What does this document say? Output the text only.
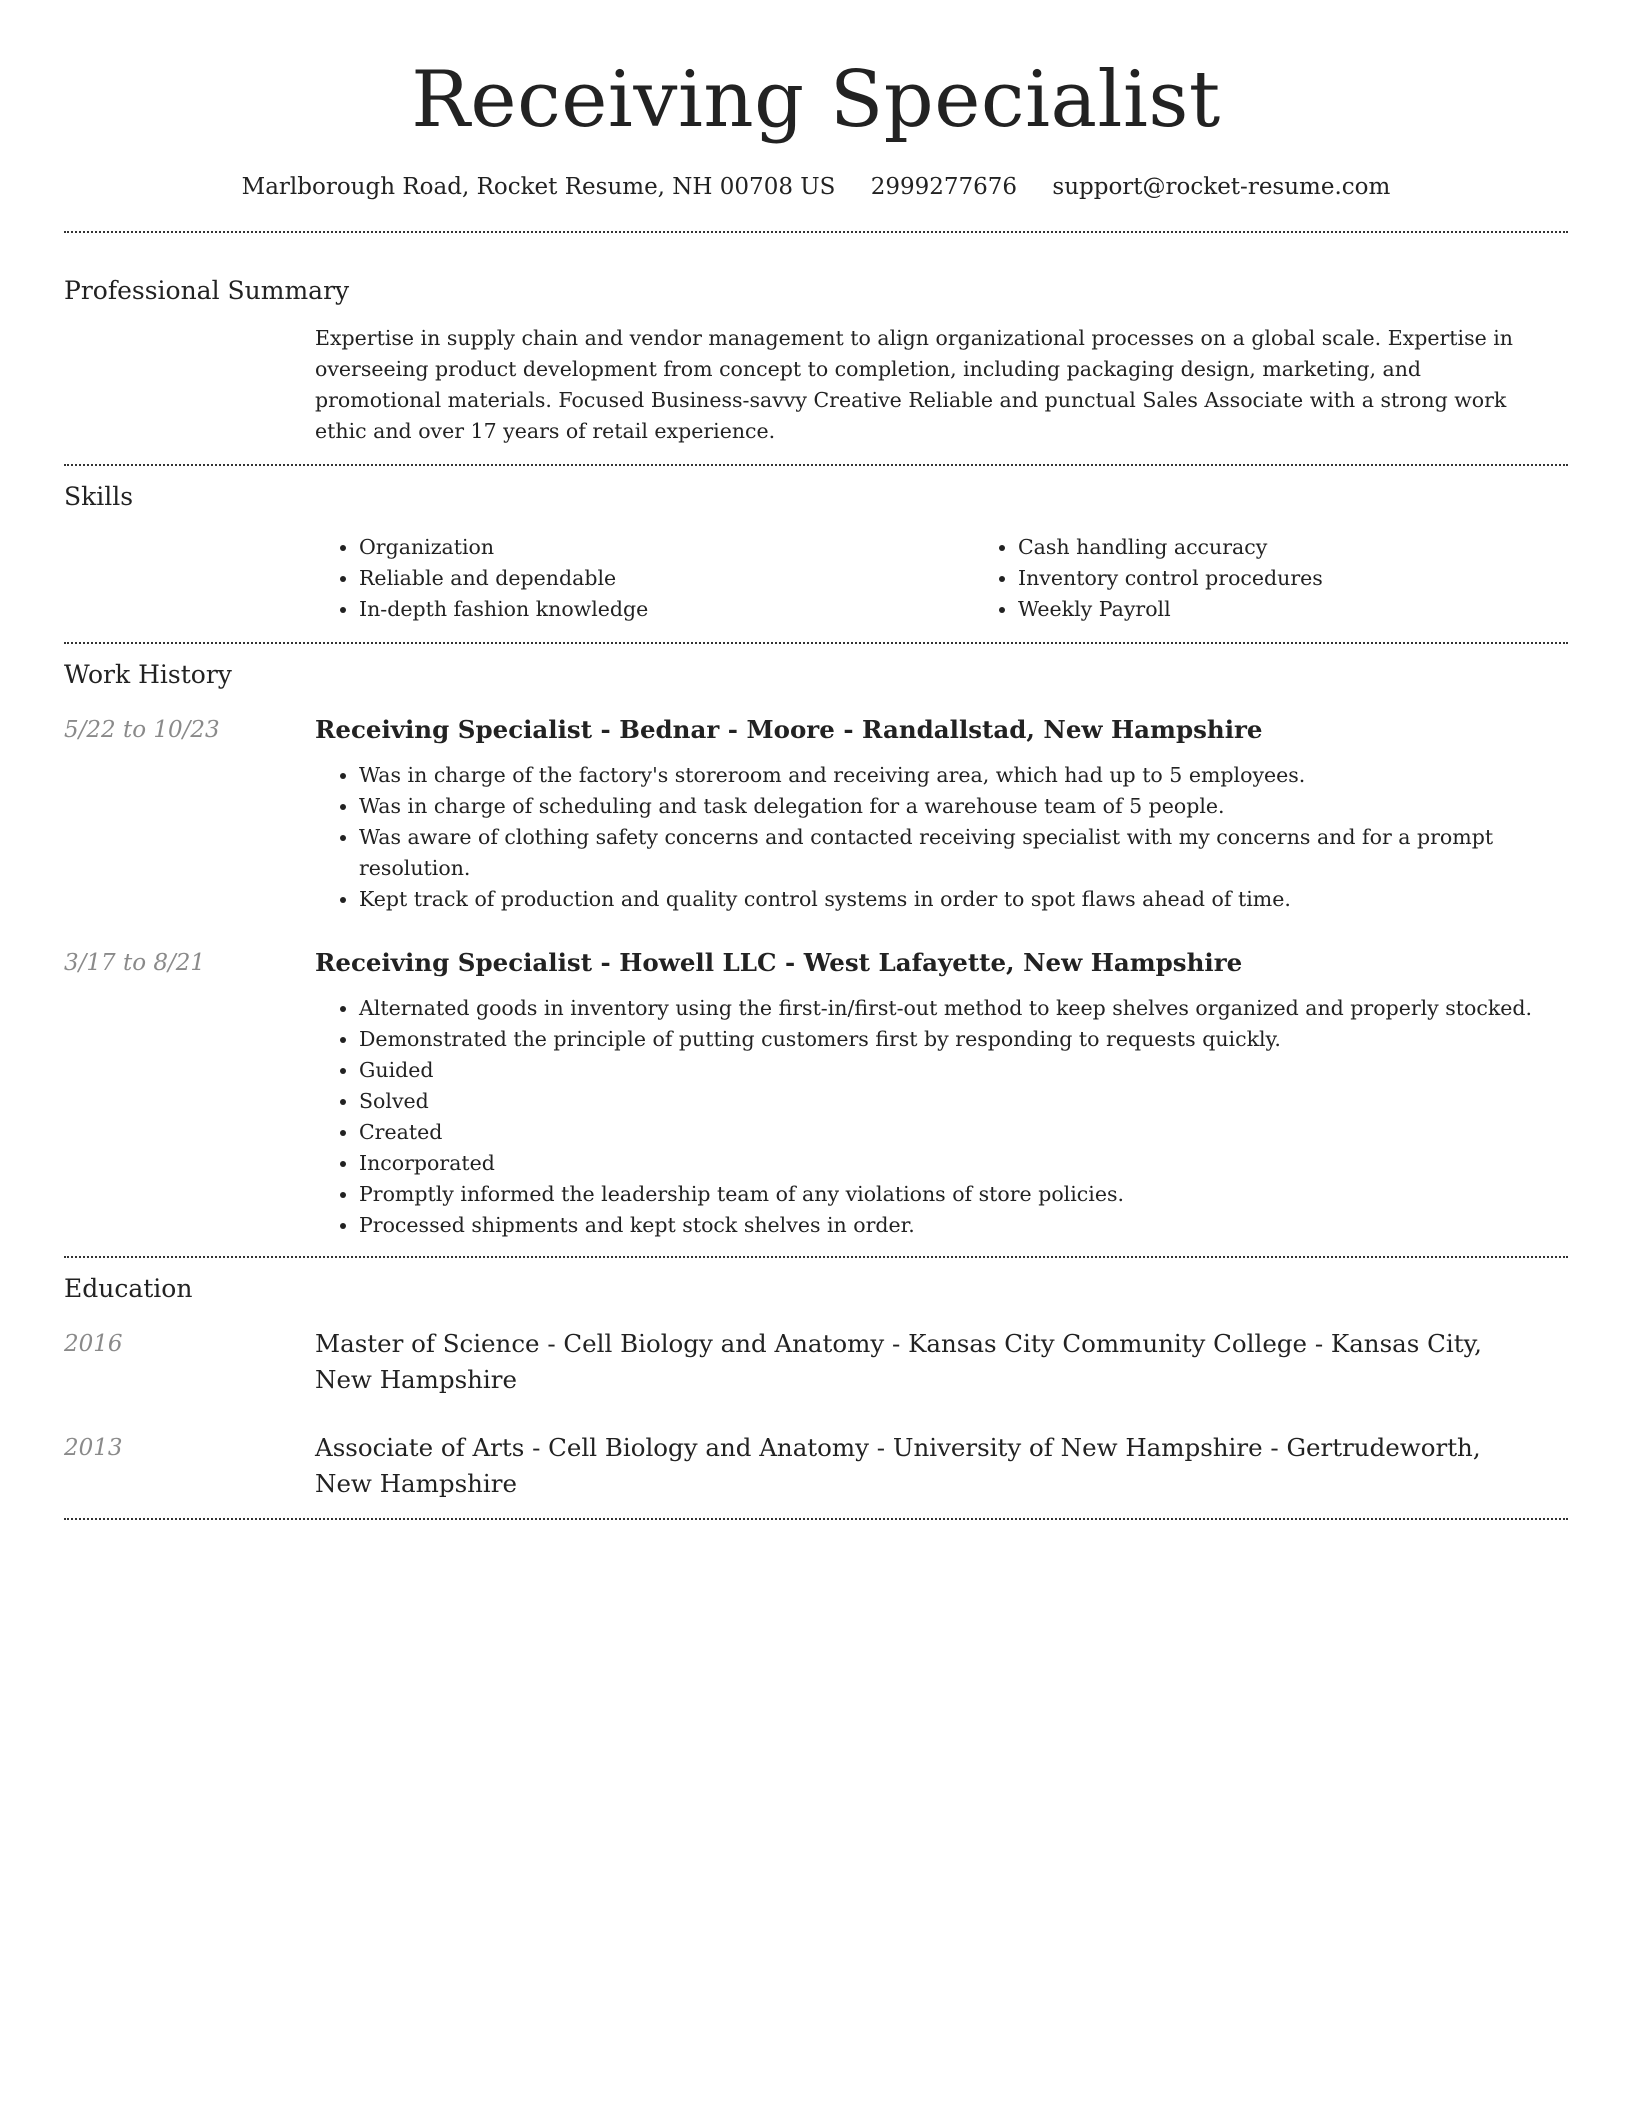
Receiving Specialist
Marlborough Road, Rocket Resume, NH 00708 US 2999277676 support@rocket-resume.com
Professional Summary

Expertise in supply chain and vendor management to align organizational processes on a global scale. Expertise in overseeing product development from concept to completion, including packaging design, marketing, and promotional materials. Focused Business-savvy Creative Reliable and punctual Sales Associate with a strong work ethic and over 17 years of retail experience.

Skills
• Organization
• Reliable and dependable
• In-depth fashion knowledge
• Cash handling accuracy
• Inventory control procedures
• Weekly Payroll
Work History
5/22 to 10/23	Receiving Specialist - Bednar - Moore - Randallstad, New Hampshire
• Was in charge of the factory's storeroom and receiving area, which had up to 5 employees.
• Was in charge of scheduling and task delegation for a warehouse team of 5 people.
• Was aware of clothing safety concerns and contacted receiving specialist with my concerns and for a prompt resolution.
• Kept track of production and quality control systems in order to spot flaws ahead of time.
3/17 to 8/21	Receiving Specialist - Howell LLC - West Lafayette, New Hampshire
• Alternated goods in inventory using the first-in/first-out method to keep shelves organized and properly stocked.
• Demonstrated the principle of putting customers first by responding to requests quickly.
• Guided
• Solved
• Created
• Incorporated
• Promptly informed the leadership team of any violations of store policies.
• Processed shipments and kept stock shelves in order.
Education
2016	Master of Science - Cell Biology and Anatomy - Kansas City Community College - Kansas City, New Hampshire

2013	Associate of Arts - Cell Biology and Anatomy - University of New Hampshire - Gertrudeworth, New Hampshire
